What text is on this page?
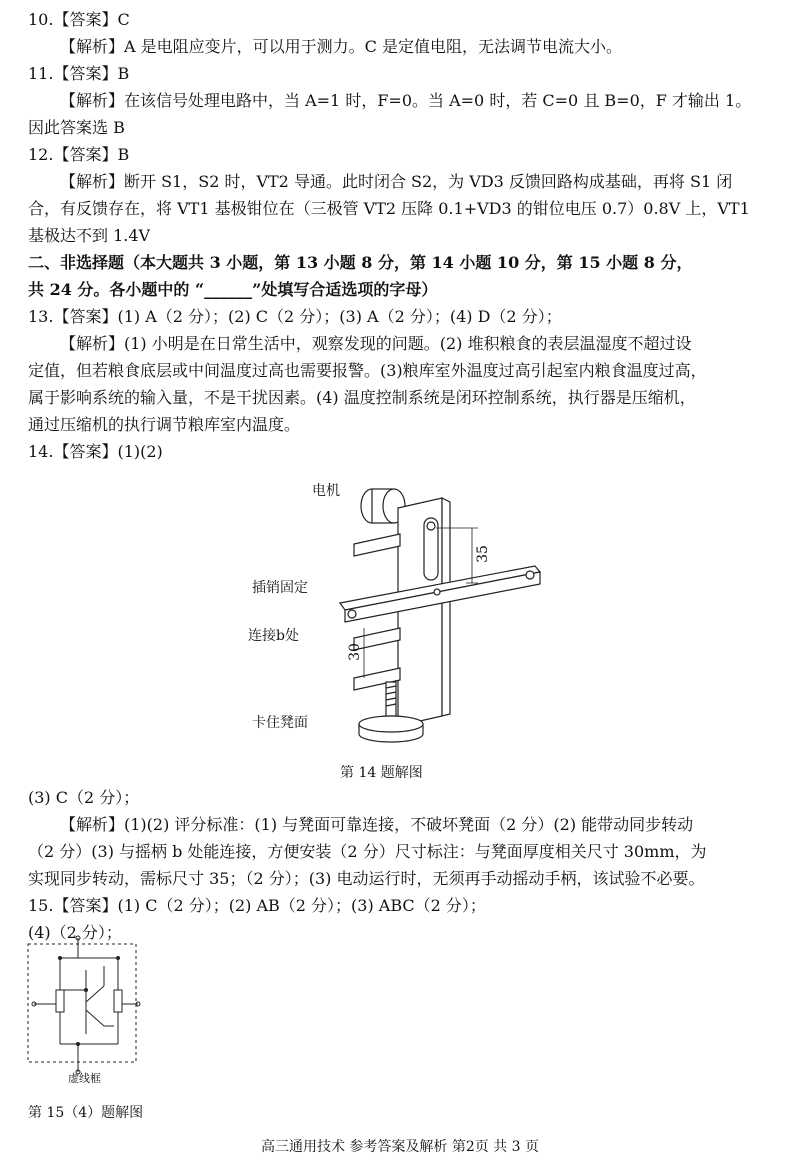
10.【答案】C
【解析】A 是电阻应变片，可以用于测力。C 是定值电阻，无法调节电流大小。
11.【答案】B
【解析】在该信号处理电路中，当 A=1 时，F=0。当 A=0 时，若 C=0 且 B=0，F 才输出 1。
因此答案选 B
12.【答案】B
【解析】断开 S1，S2 时，VT2 导通。此时闭合 S2，为 VD3 反馈回路构成基础，再将 S1 闭
合，有反馈存在，将 VT1 基极钳位在（三极管 VT2 压降 0.1+VD3 的钳位电压 0.7）0.8V 上，VT1
基极达不到 1.4V
二、非选择题（本大题共 3 小题，第 13 小题 8 分，第 14 小题 10 分，第 15 小题 8 分，
共 24 分。各小题中的 “______”处填写合适选项的字母）
13.【答案】(1) A（2 分）；(2) C（2 分）；(3) A（2 分）；(4) D（2 分）；
【解析】(1) 小明是在日常生活中，观察发现的问题。(2) 堆积粮食的表层温湿度不超过设
定值，但若粮食底层或中间温度过高也需要报警。(3)粮库室外温度过高引起室内粮食温度过高，
属于影响系统的输入量，不是干扰因素。(4) 温度控制系统是闭环控制系统，执行器是压缩机，
通过压缩机的执行调节粮库室内温度。
14.【答案】(1)(2)
电机
插销固定
连接b处
卡住凳面
35
30
第 14 题解图
(3) C（2 分）；
【解析】(1)(2) 评分标准：(1) 与凳面可靠连接，不破坏凳面（2 分）(2) 能带动同步转动
（2 分）(3) 与摇柄 b 处能连接，方便安装（2 分）尺寸标注：与凳面厚度相关尺寸 30mm，为
实现同步转动，需标尺寸 35；（2 分）；(3) 电动运行时，无须再手动摇动手柄，该试验不必要。
15.【答案】(1) C（2 分）；(2) AB（2 分）；(3) ABC（2 分）；
(4)（2 分）；
虚线框
第 15（4）题解图
高三通用技术 参考答案及解析 第2页 共 3 页
